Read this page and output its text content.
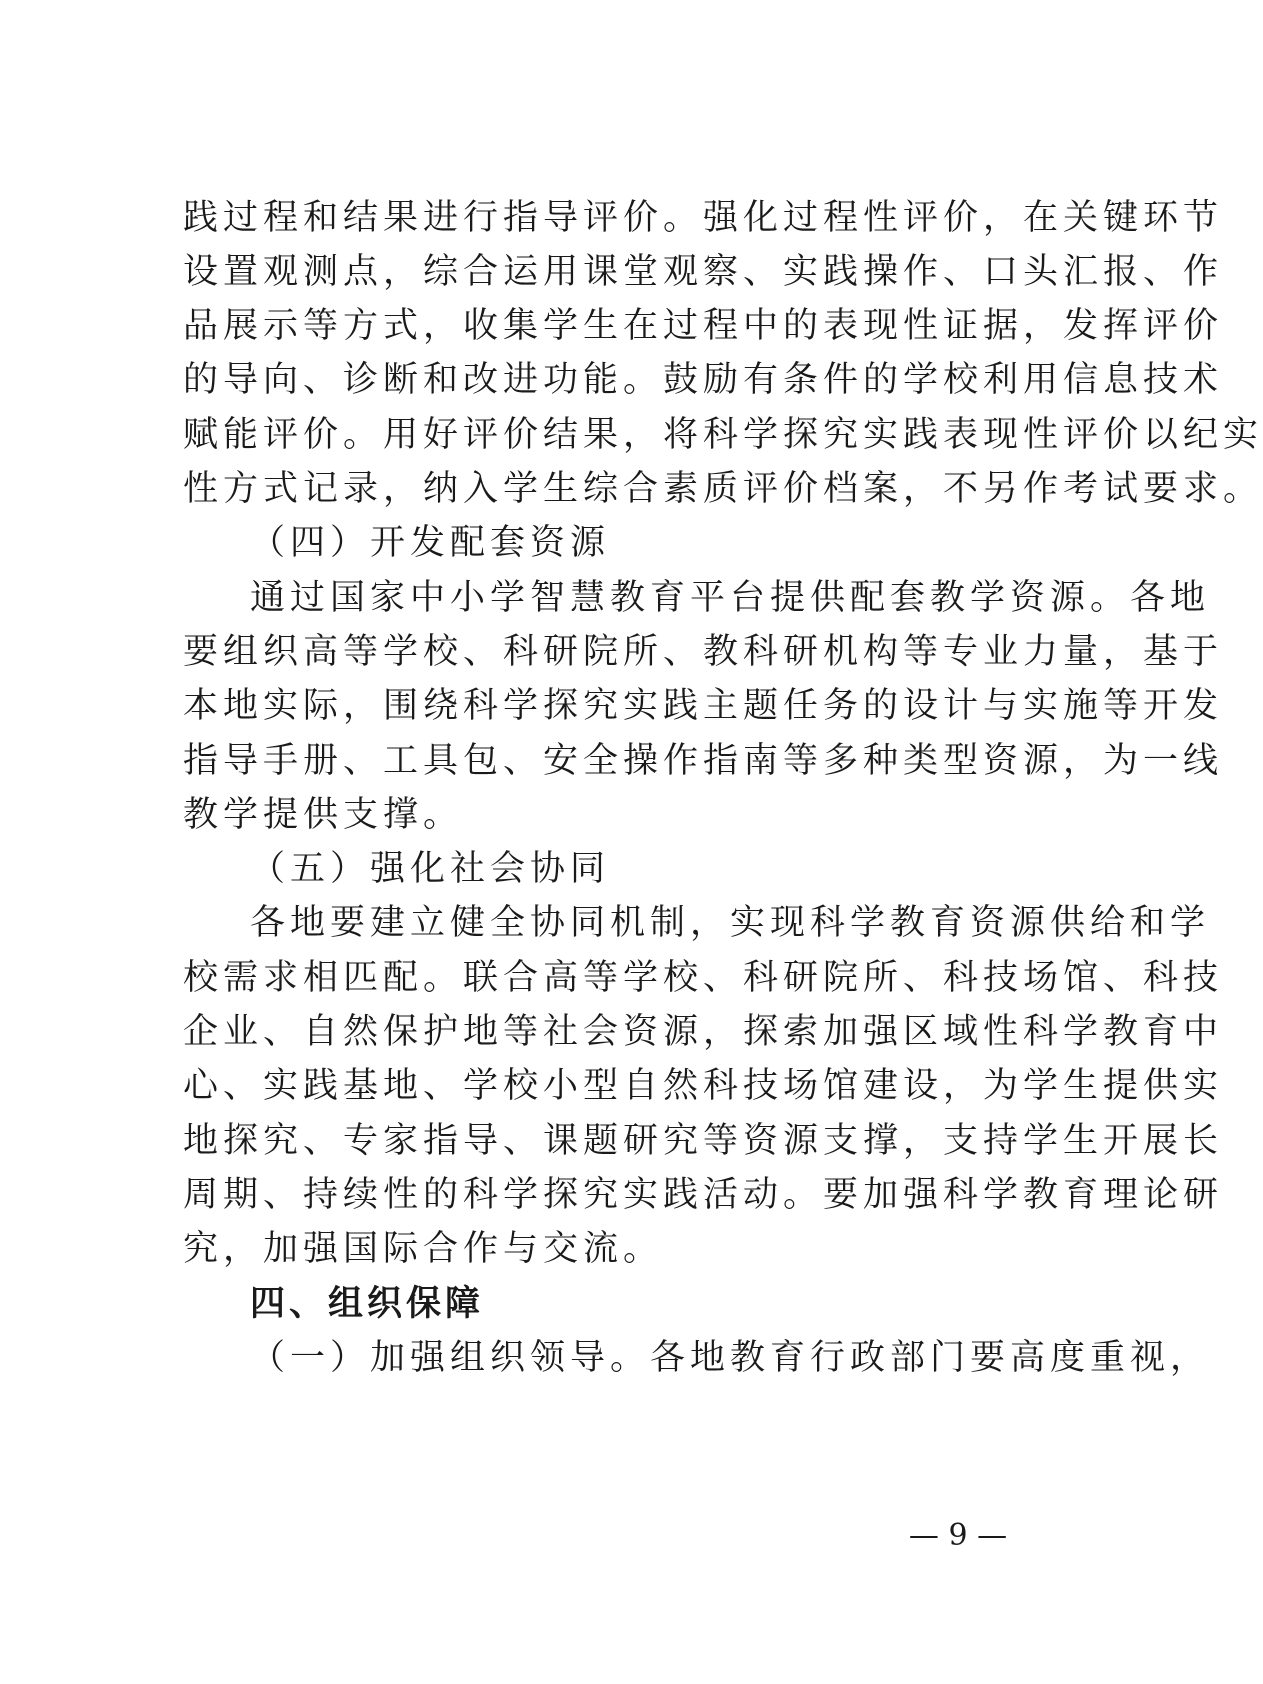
践过程和结果进行指导评价。强化过程性评价，在关键环节
设置观测点，综合运用课堂观察、实践操作、口头汇报、作
品展示等方式，收集学生在过程中的表现性证据，发挥评价
的导向、诊断和改进功能。鼓励有条件的学校利用信息技术
赋能评价。用好评价结果，将科学探究实践表现性评价以纪实
性方式记录，纳入学生综合素质评价档案，不另作考试要求。
（四）开发配套资源
通过国家中小学智慧教育平台提供配套教学资源。各地
要组织高等学校、科研院所、教科研机构等专业力量，基于
本地实际，围绕科学探究实践主题任务的设计与实施等开发
指导手册、工具包、安全操作指南等多种类型资源，为一线
教学提供支撑。
（五）强化社会协同
各地要建立健全协同机制，实现科学教育资源供给和学
校需求相匹配。联合高等学校、科研院所、科技场馆、科技
企业、自然保护地等社会资源，探索加强区域性科学教育中
心、实践基地、学校小型自然科技场馆建设，为学生提供实
地探究、专家指导、课题研究等资源支撑，支持学生开展长
周期、持续性的科学探究实践活动。要加强科学教育理论研
究，加强国际合作与交流。
四、组织保障
（一）加强组织领导。各地教育行政部门要高度重视，
— 9 —
